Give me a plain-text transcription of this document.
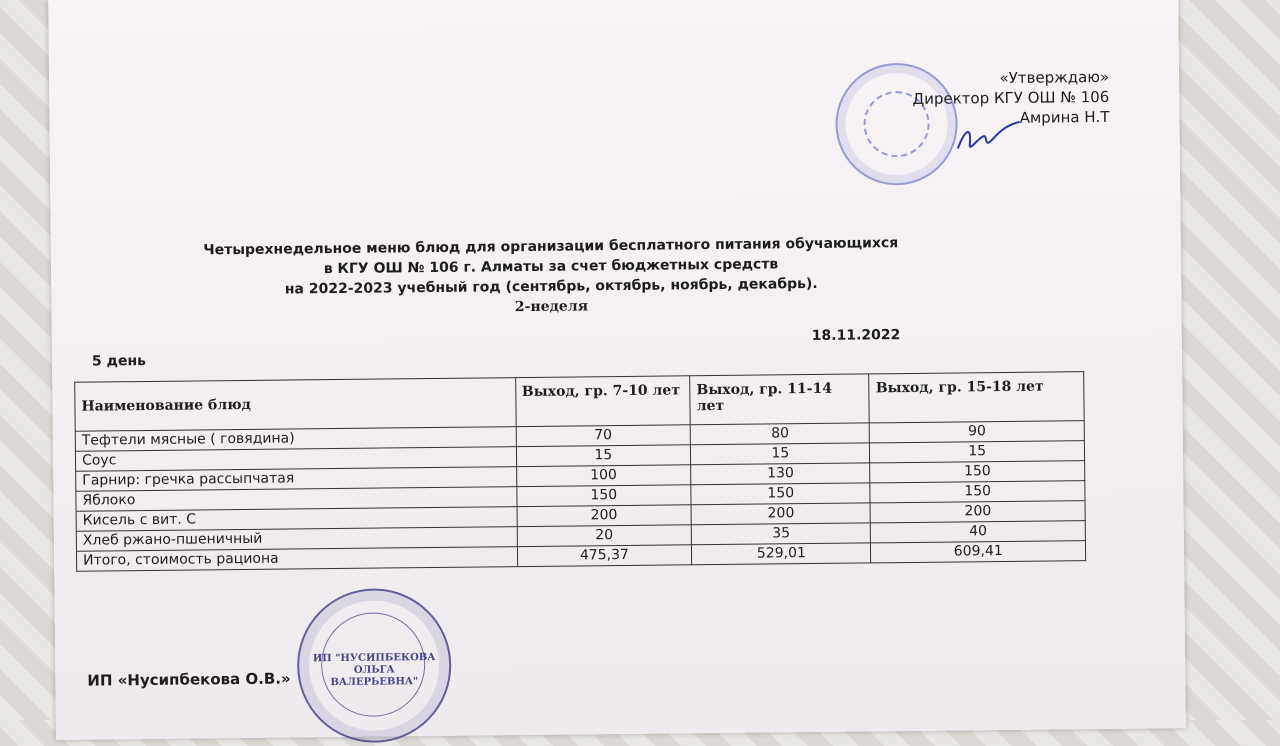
«Утверждаю»
Директор КГУ ОШ № 106
Амрина Н.Т
Четырехнедельное меню блюд для организации бесплатного питания обучающихся
в КГУ ОШ № 106 г. Алматы за счет бюджетных средств
на 2022-2023 учебный год (сентябрь, октябрь, ноябрь, декабрь).
2-неделя
5 день
18.11.2022
Наименование блюд	Выход, гр. 7-10 лет	Выход, гр. 11-14 лет	Выход, гр. 15-18 лет
Тефтели мясные ( говядина)	70	80	90
Соус	15	15	15
Гарнир: гречка рассыпчатая	100	130	150
Яблоко	150	150	150
Кисель с вит. С	200	200	200
Хлеб ржано-пшеничный	20	35	40
Итого, стоимость рациона	475,37	529,01	609,41
ИП "НУСИПБЕКОВА
ОЛЬГА ВАЛЕРЬЕВНА"
ИП «Нусипбекова О.В.»
